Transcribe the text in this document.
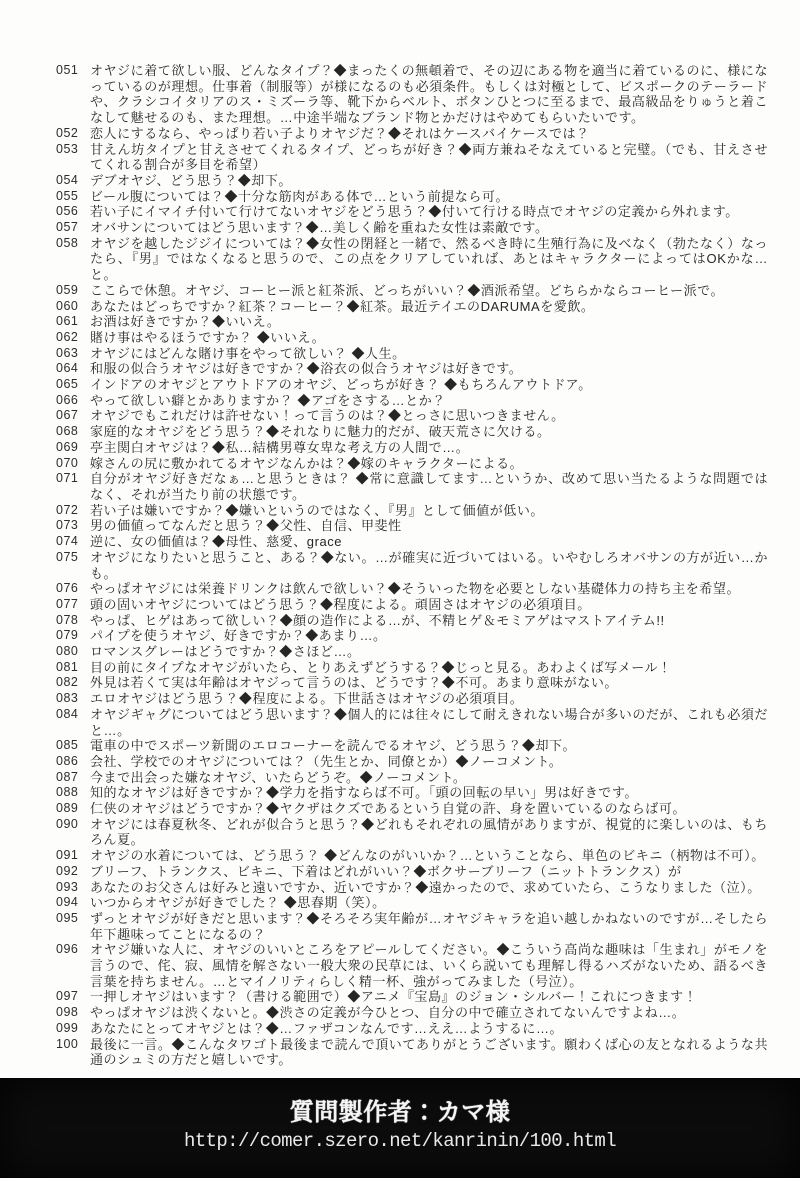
051 オヤジに着て欲しい服、どんなタイプ？◆まったくの無頓着で、その辺にある物を適当に着ているのに、様になっているのが理想。仕事着（制服等）が様になるのも必須条件。もしくは対極として、ビスポークのテーラードや、クラシコイタリアのス・ミズーラ等、靴下からベルト、ボタンひとつに至るまで、最高級品をりゅうと着こなして魅せるのも、また理想。…中途半端なブランド物とかだけはやめてもらいたいです。
052 恋人にするなら、やっぱり若い子よりオヤジだ？◆それはケースバイケースでは？
053 甘えん坊タイプと甘えさせてくれるタイプ、どっちが好き？◆両方兼ねそなえていると完璧。（でも、甘えさせてくれる割合が多目を希望）
054 デブオヤジ、どう思う？◆却下。
055 ビール腹については？◆十分な筋肉がある体で…という前提なら可。
056 若い子にイマイチ付いて行けてないオヤジをどう思う？◆付いて行ける時点でオヤジの定義から外れます。
057 オバサンについてはどう思います？◆…美しく齢を重ねた女性は素敵です。
058 オヤジを越したジジイについては？◆女性の閉経と一緒で、然るべき時に生殖行為に及べなく（勃たなく）なったら、『男』ではなくなると思うので、この点をクリアしていれば、あとはキャラクターによってはOKかな…と。
059 ここらで休憩。オヤジ、コーヒー派と紅茶派、どっちがいい？◆酒派希望。どちらかならコーヒー派で。
060 あなたはどっちですか？紅茶？コーヒー？◆紅茶。最近テイエのDARUMAを愛飲。
061 お酒は好きですか？◆いいえ。
062 賭け事はやるほうですか？ ◆いいえ。
063 オヤジにはどんな賭け事をやって欲しい？ ◆人生。
064 和服の似合うオヤジは好きですか？◆浴衣の似合うオヤジは好きです。
065 インドアのオヤジとアウトドアのオヤジ、どっちが好き？ ◆もちろんアウトドア。
066 やって欲しい癖とかありますか？ ◆アゴをさする…とか？
067 オヤジでもこれだけは許せない！って言うのは？◆とっさに思いつきません。
068 家庭的なオヤジをどう思う？◆それなりに魅力的だが、破天荒さに欠ける。
069 亭主関白オヤジは？◆私…結構男尊女卑な考え方の人間で…。
070 嫁さんの尻に敷かれてるオヤジなんかは？◆嫁のキャラクターによる。
071 自分がオヤジ好きだなぁ…と思うときは？ ◆常に意識してます…というか、改めて思い当たるような問題では なく、それが当たり前の状態です。
072 若い子は嫌いですか？◆嫌いというのではなく、『男』として価値が低い。
073 男の価値ってなんだと思う？◆父性、自信、甲斐性
074 逆に、女の価値は？◆母性、慈愛、grace
075 オヤジになりたいと思うこと、ある？◆ない。…が確実に近づいてはいる。いやむしろオバサンの方が近い…かも。
076 やっぱオヤジには栄養ドリンクは飲んで欲しい？◆そういった物を必要としない基礎体力の持ち主を希望。
077 頭の固いオヤジについてはどう思う？◆程度による。頑固さはオヤジの必須項目。
078 やっぱ、ヒゲはあって欲しい？◆顔の造作による…が、不精ヒゲ＆モミアゲはマストアイテム!!
079 パイプを使うオヤジ、好きですか？◆あまり…。
080 ロマンスグレーはどうですか？◆さほど…。
081 目の前にタイプなオヤジがいたら、とりあえずどうする？◆じっと見る。あわよくば写メール！
082 外見は若くて実は年齢はオヤジって言うのは、どうです？◆不可。あまり意味がない。
083 エロオヤジはどう思う？◆程度による。下世話さはオヤジの必須項目。
084 オヤジギャグについてはどう思います？◆個人的には往々にして耐えきれない場合が多いのだが、これも必須だと…。
085 電車の中でスポーツ新聞のエロコーナーを読んでるオヤジ、どう思う？◆却下。
086 会社、学校でのオヤジについては？（先生とか、同僚とか）◆ノーコメント。
087 今まで出会った嫌なオヤジ、いたらどうぞ。◆ノーコメント。
088 知的なオヤジは好きですか？◆学力を指すならば不可。「頭の回転の早い」男は好きです。
089 仁侠のオヤジはどうですか？◆ヤクザはクズであるという自覚の許、身を置いているのならば可。
090 オヤジには春夏秋冬、どれが似合うと思う？◆どれもそれぞれの風情がありますが、視覚的に楽しいのは、もちろん夏。
091 オヤジの水着については、どう思う？ ◆どんなのがいいか？…ということなら、単色のビキニ（柄物は不可）。
092 ブリーフ、トランクス、ビキニ、下着はどれがいい？◆ボクサーブリーフ（ニットトランクス）が
093 あなたのお父さんは好みと遠いですか、近いですか？◆遠かったので、求めていたら、こうなりました（泣）。
094 いつからオヤジが好きでした？ ◆思春期（笑）。
095 ずっとオヤジが好きだと思います？◆そろそろ実年齢が…オヤジキャラを追い越しかねないのですが…そしたら年下趣味ってことになるの？
096 オヤジ嫌いな人に、オヤジのいいところをアピールしてください。◆こういう高尚な趣味は「生まれ」がモノを言うので、侘、寂、風情を解さない一般大衆の民草には、いくら説いても理解し得るハズがないため、語るべき言葉を持ちません。…とマイノリティらしく精一杯、強がってみました（号泣）。
097 一押しオヤジはいます？（書ける範囲で）◆アニメ『宝島』のジョン・シルバー！これにつきます！
098 やっぱオヤジは渋くないと。◆渋さの定義が今ひとつ、自分の中で確立されてないんですよね…。
099 あなたにとってオヤジとは？◆…ファザコンなんです…ええ…ようするに…。
100 最後に一言。◆こんなタワゴト最後まで読んで頂いてありがとうございます。願わくば心の友となれるような共通のシュミの方だと嬉しいです。
質問製作者：カマ様
http://comer.szero.net/kanrinin/100.html
